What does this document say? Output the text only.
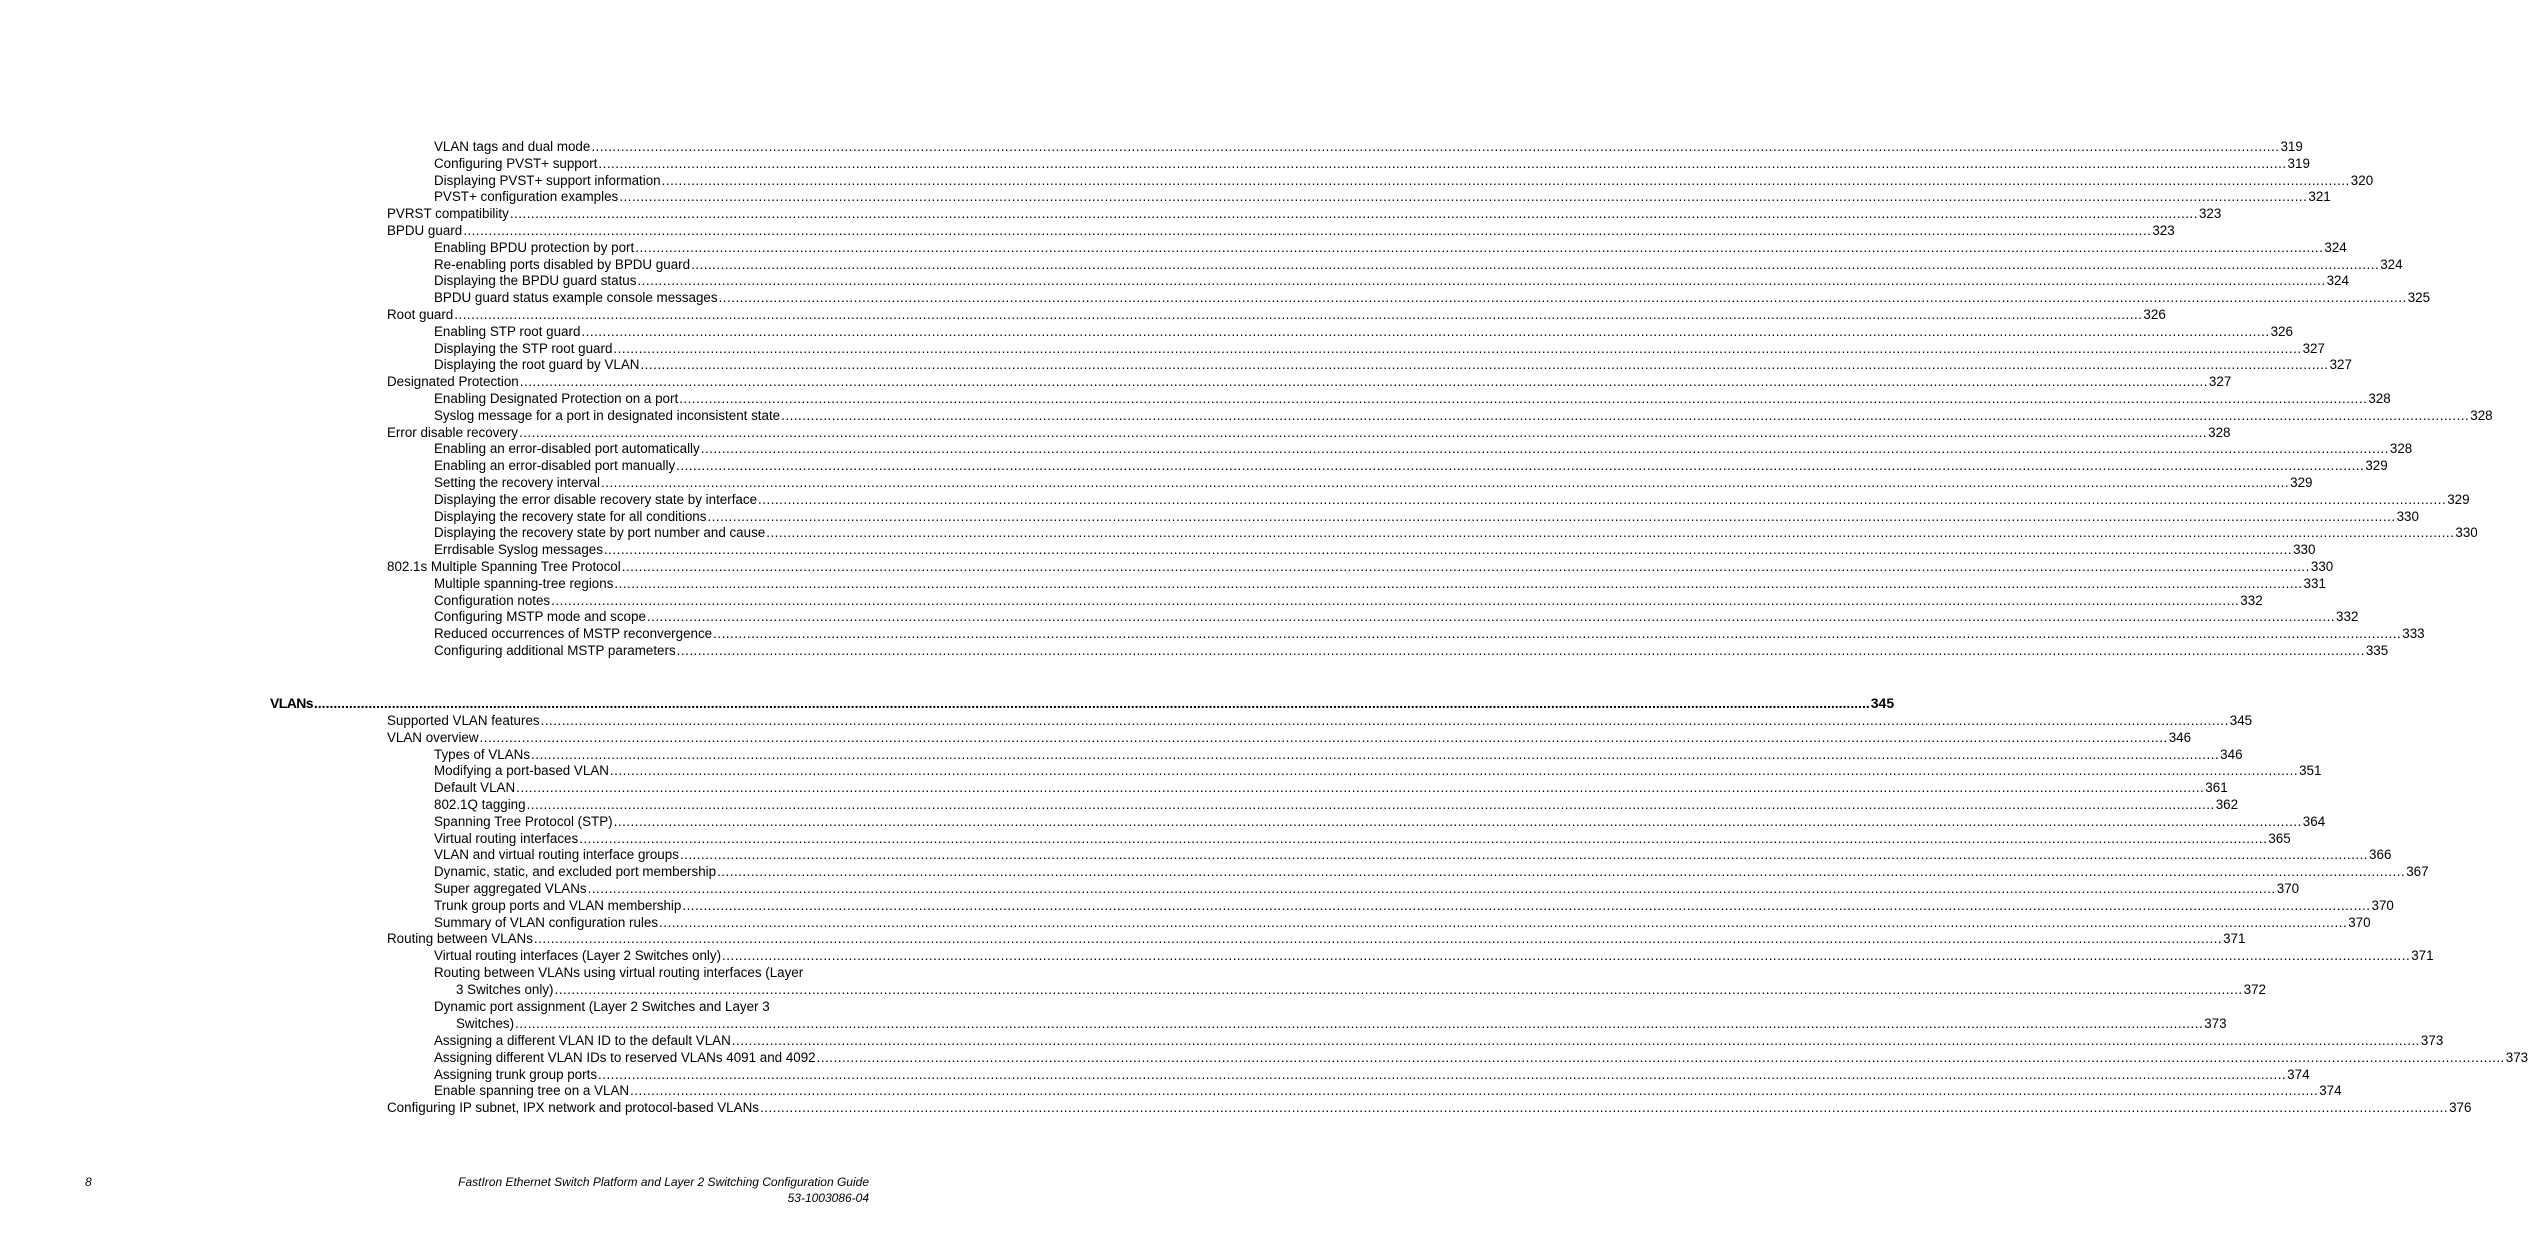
VLAN tags and dual mode ................................................................................................................................................................................................................................................................................................................................................................................................................ 319
Configuring PVST+ support ................................................................................................................................................................................................................................................................................................................................................................................................................ 319
Displaying PVST+ support information ................................................................................................................................................................................................................................................................................................................................................................................................................ 320
PVST+ configuration examples ................................................................................................................................................................................................................................................................................................................................................................................................................ 321
PVRST compatibility ................................................................................................................................................................................................................................................................................................................................................................................................................ 323
BPDU guard ................................................................................................................................................................................................................................................................................................................................................................................................................ 323
Enabling BPDU protection by port ................................................................................................................................................................................................................................................................................................................................................................................................................ 324
Re-enabling ports disabled by BPDU guard ................................................................................................................................................................................................................................................................................................................................................................................................................ 324
Displaying the BPDU guard status ................................................................................................................................................................................................................................................................................................................................................................................................................ 324
BPDU guard status example console messages ................................................................................................................................................................................................................................................................................................................................................................................................................ 325
Root guard ................................................................................................................................................................................................................................................................................................................................................................................................................ 326
Enabling STP root guard ................................................................................................................................................................................................................................................................................................................................................................................................................ 326
Displaying the STP root guard ................................................................................................................................................................................................................................................................................................................................................................................................................ 327
Displaying the root guard by VLAN ................................................................................................................................................................................................................................................................................................................................................................................................................ 327
Designated Protection ................................................................................................................................................................................................................................................................................................................................................................................................................ 327
Enabling Designated Protection on a port ................................................................................................................................................................................................................................................................................................................................................................................................................ 328
Syslog message for a port in designated inconsistent state ................................................................................................................................................................................................................................................................................................................................................................................................................ 328
Error disable recovery ................................................................................................................................................................................................................................................................................................................................................................................................................ 328
Enabling an error-disabled port automatically ................................................................................................................................................................................................................................................................................................................................................................................................................ 328
Enabling an error-disabled port manually ................................................................................................................................................................................................................................................................................................................................................................................................................ 329
Setting the recovery interval ................................................................................................................................................................................................................................................................................................................................................................................................................ 329
Displaying the error disable recovery state by interface ................................................................................................................................................................................................................................................................................................................................................................................................................ 329
Displaying the recovery state for all conditions ................................................................................................................................................................................................................................................................................................................................................................................................................ 330
Displaying the recovery state by port number and cause ................................................................................................................................................................................................................................................................................................................................................................................................................ 330
Errdisable Syslog messages ................................................................................................................................................................................................................................................................................................................................................................................................................ 330
802.1s Multiple Spanning Tree Protocol ................................................................................................................................................................................................................................................................................................................................................................................................................ 330
Multiple spanning-tree regions ................................................................................................................................................................................................................................................................................................................................................................................................................ 331
Configuration notes ................................................................................................................................................................................................................................................................................................................................................................................................................ 332
Configuring MSTP mode and scope ................................................................................................................................................................................................................................................................................................................................................................................................................ 332
Reduced occurrences of MSTP reconvergence ................................................................................................................................................................................................................................................................................................................................................................................................................ 333
Configuring additional MSTP parameters ................................................................................................................................................................................................................................................................................................................................................................................................................ 335
VLANs ................................................................................................................................................................................................................................................................................................................................................................................................................ 345
Supported VLAN features ................................................................................................................................................................................................................................................................................................................................................................................................................ 345
VLAN overview ................................................................................................................................................................................................................................................................................................................................................................................................................ 346
Types of VLANs ................................................................................................................................................................................................................................................................................................................................................................................................................ 346
Modifying a port-based VLAN ................................................................................................................................................................................................................................................................................................................................................................................................................ 351
Default VLAN ................................................................................................................................................................................................................................................................................................................................................................................................................ 361
802.1Q tagging ................................................................................................................................................................................................................................................................................................................................................................................................................ 362
Spanning Tree Protocol (STP) ................................................................................................................................................................................................................................................................................................................................................................................................................ 364
Virtual routing interfaces ................................................................................................................................................................................................................................................................................................................................................................................................................ 365
VLAN and virtual routing interface groups ................................................................................................................................................................................................................................................................................................................................................................................................................ 366
Dynamic, static, and excluded port membership ................................................................................................................................................................................................................................................................................................................................................................................................................ 367
Super aggregated VLANs ................................................................................................................................................................................................................................................................................................................................................................................................................ 370
Trunk group ports and VLAN membership ................................................................................................................................................................................................................................................................................................................................................................................................................ 370
Summary of VLAN configuration rules ................................................................................................................................................................................................................................................................................................................................................................................................................ 370
Routing between VLANs ................................................................................................................................................................................................................................................................................................................................................................................................................ 371
Virtual routing interfaces (Layer 2 Switches only) ................................................................................................................................................................................................................................................................................................................................................................................................................ 371
Routing between VLANs using virtual routing interfaces (Layer
3 Switches only) ................................................................................................................................................................................................................................................................................................................................................................................................................ 372
Dynamic port assignment (Layer 2 Switches and Layer 3
Switches) ................................................................................................................................................................................................................................................................................................................................................................................................................ 373
Assigning a different VLAN ID to the default VLAN ................................................................................................................................................................................................................................................................................................................................................................................................................ 373
Assigning different VLAN IDs to reserved VLANs 4091 and 4092 ................................................................................................................................................................................................................................................................................................................................................................................................................ 373
Assigning trunk group ports ................................................................................................................................................................................................................................................................................................................................................................................................................ 374
Enable spanning tree on a VLAN ................................................................................................................................................................................................................................................................................................................................................................................................................ 374
Configuring IP subnet, IPX network and protocol-based VLANs ................................................................................................................................................................................................................................................................................................................................................................................................................ 376
8	FastIron Ethernet Switch Platform and Layer 2 Switching Configuration Guide
53-1003086-04
